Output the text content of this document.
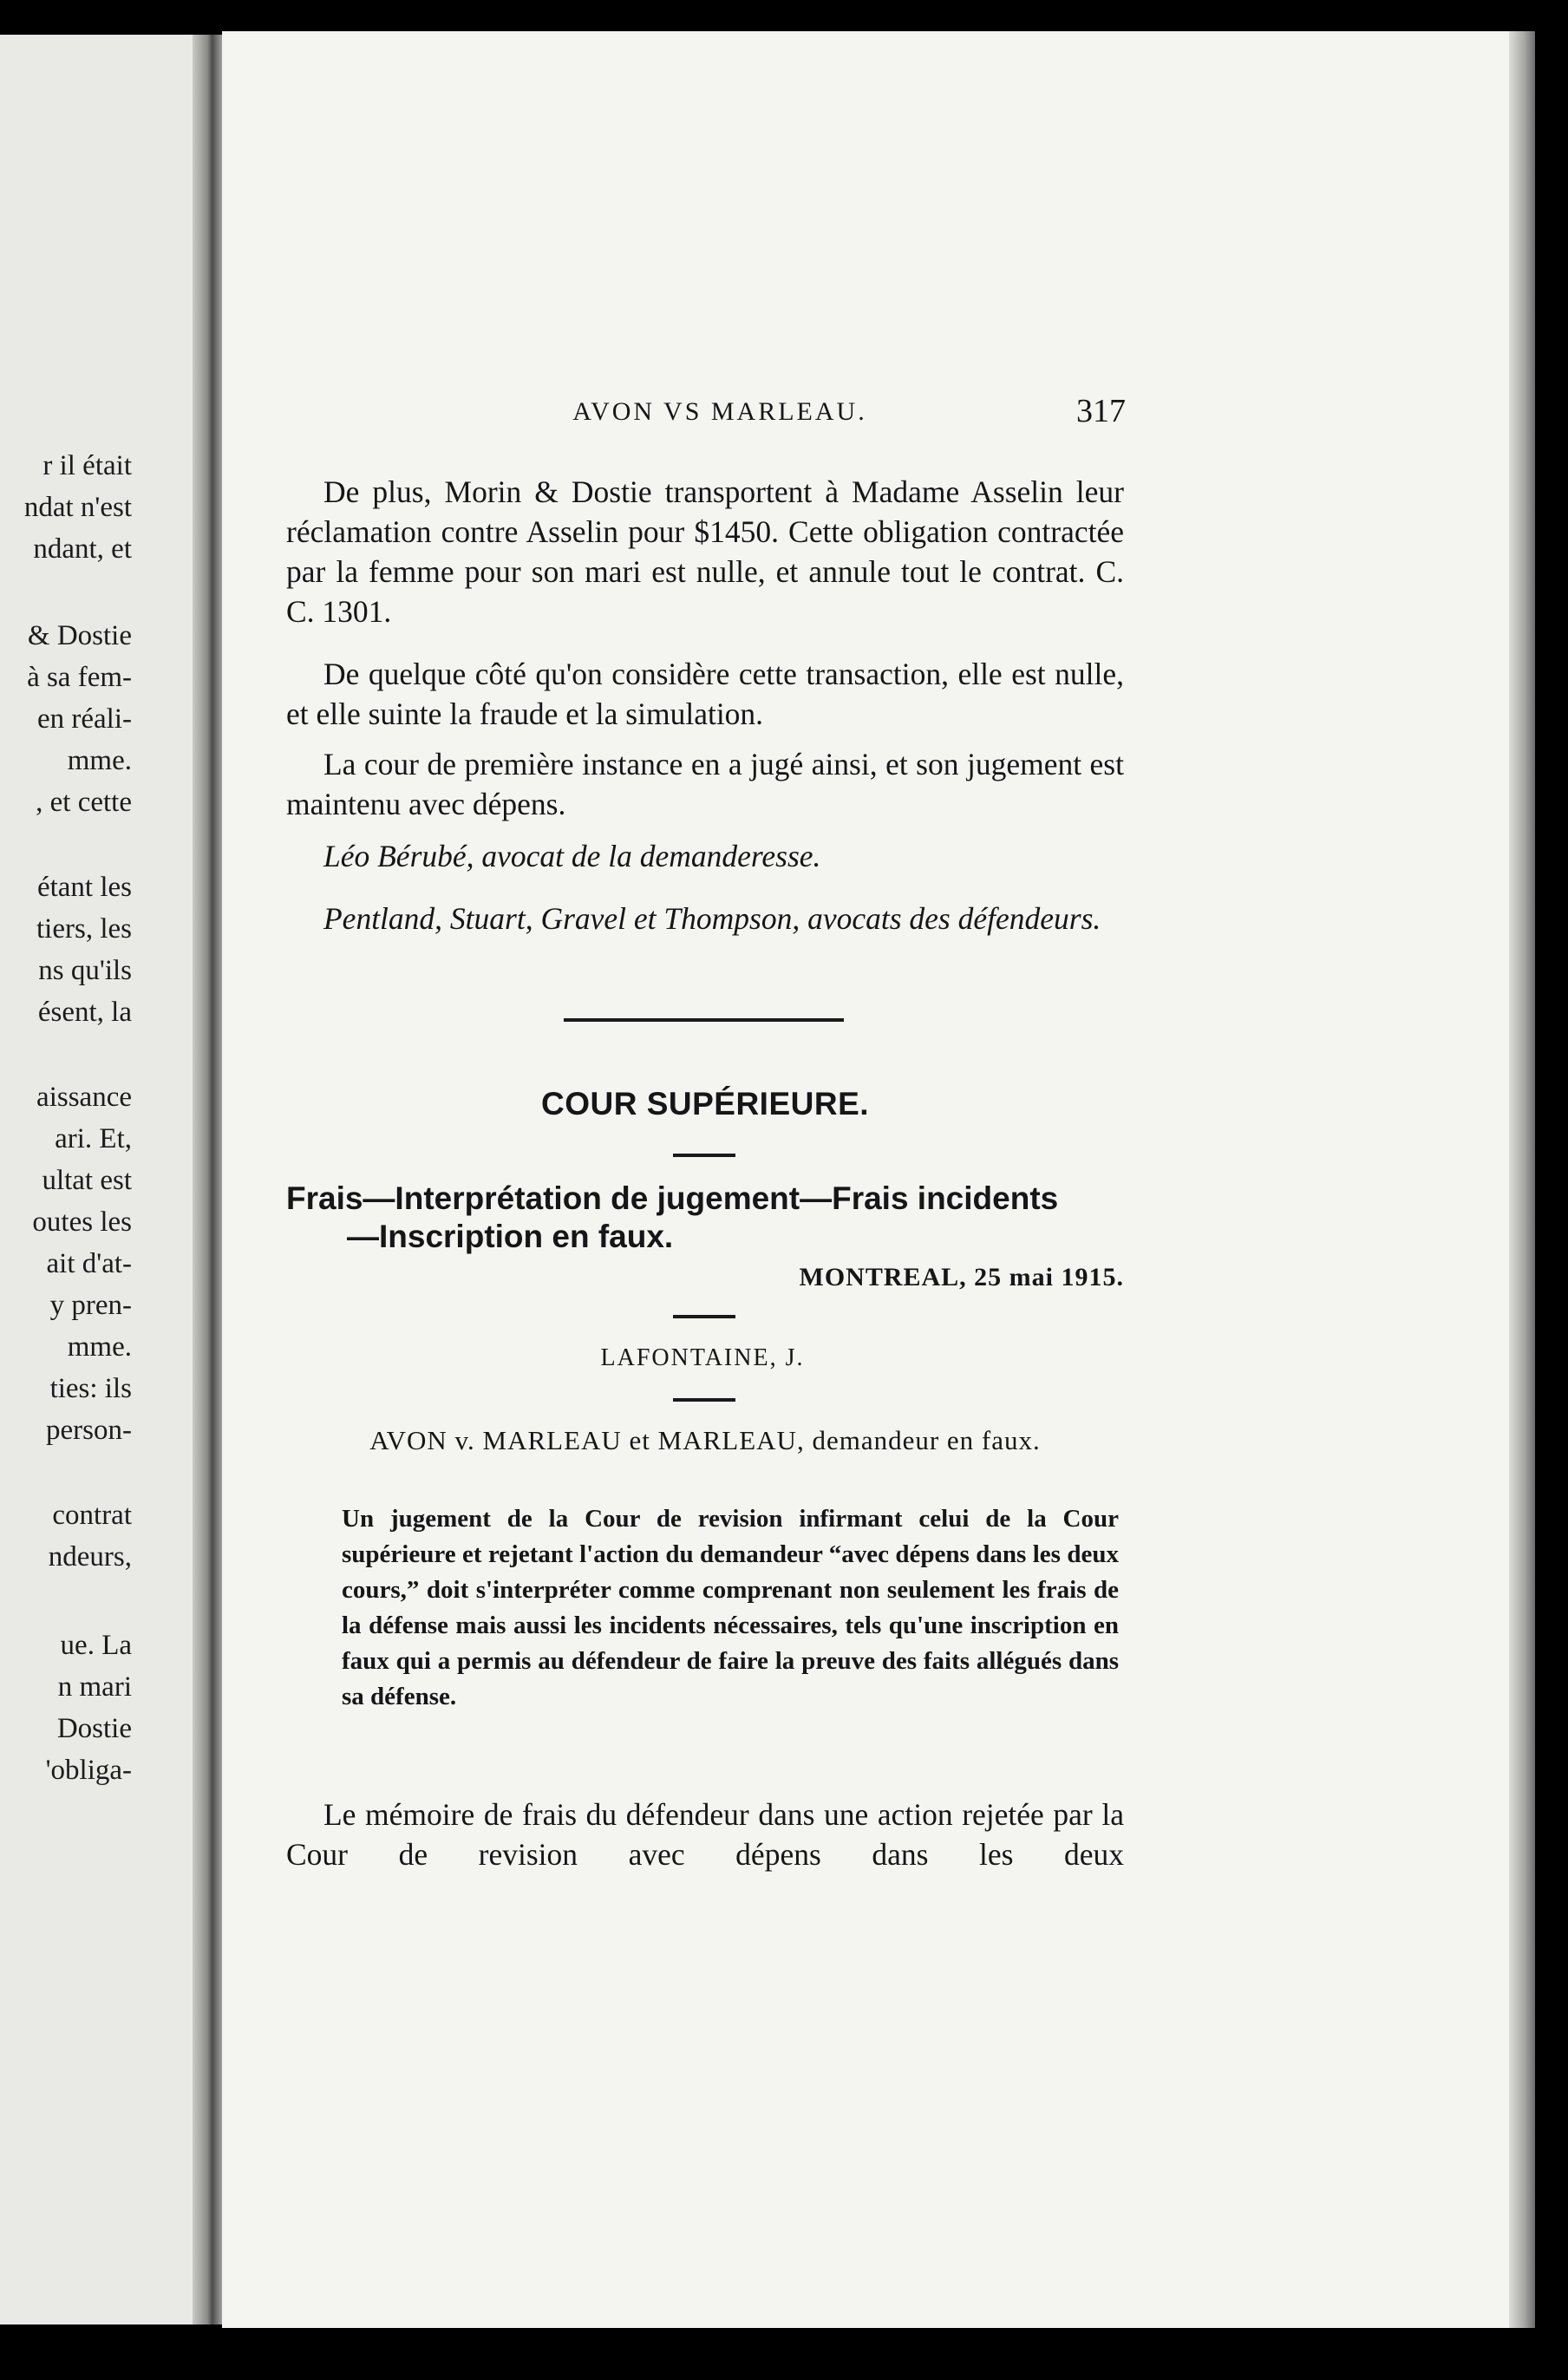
r il était
ndat n'est
ndant, et
& Dostie
à sa fem-
en réali-
mme.
, et cette
étant les
tiers, les
ns qu'ils
ésent, la
aissance
ari. Et,
ultat est
outes les
ait d'at-
y pren-
mme.
ties: ils
person-
contrat
ndeurs,
ue. La
n mari
Dostie
'obliga-
AVON VS MARLEAU.	317

De plus, Morin & Dostie transportent à Madame Asselin leur réclamation contre Asselin pour $1450. Cette obligation contractée par la femme pour son mari est nulle, et annule tout le contrat. C. C. 1301.

De quelque côté qu'on considère cette transaction, elle est nulle, et elle suinte la fraude et la simulation.

La cour de première instance en a jugé ainsi, et son jugement est maintenu avec dépens.

Léo Bérubé, avocat de la demanderesse.

Pentland, Stuart, Gravel et Thompson, avocats des défendeurs.

COUR SUPÉRIEURE.
Frais—Interprétation de jugement—Frais incidents
—Inscription en faux.
MONTREAL, 25 mai 1915.
LAFONTAINE, J.
AVON v. MARLEAU et MARLEAU, demandeur en faux.

Un jugement de la Cour de revision infirmant celui de la Cour supérieure et rejetant l'action du demandeur “avec dépens dans les deux cours,” doit s'interpréter comme comprenant non seulement les frais de la défense mais aussi les incidents nécessaires, tels qu'une inscription en faux qui a permis au défendeur de faire la preuve des faits allégués dans sa défense.

Le mémoire de frais du défendeur dans une action rejetée par la Cour de revision avec dépens dans les deux
